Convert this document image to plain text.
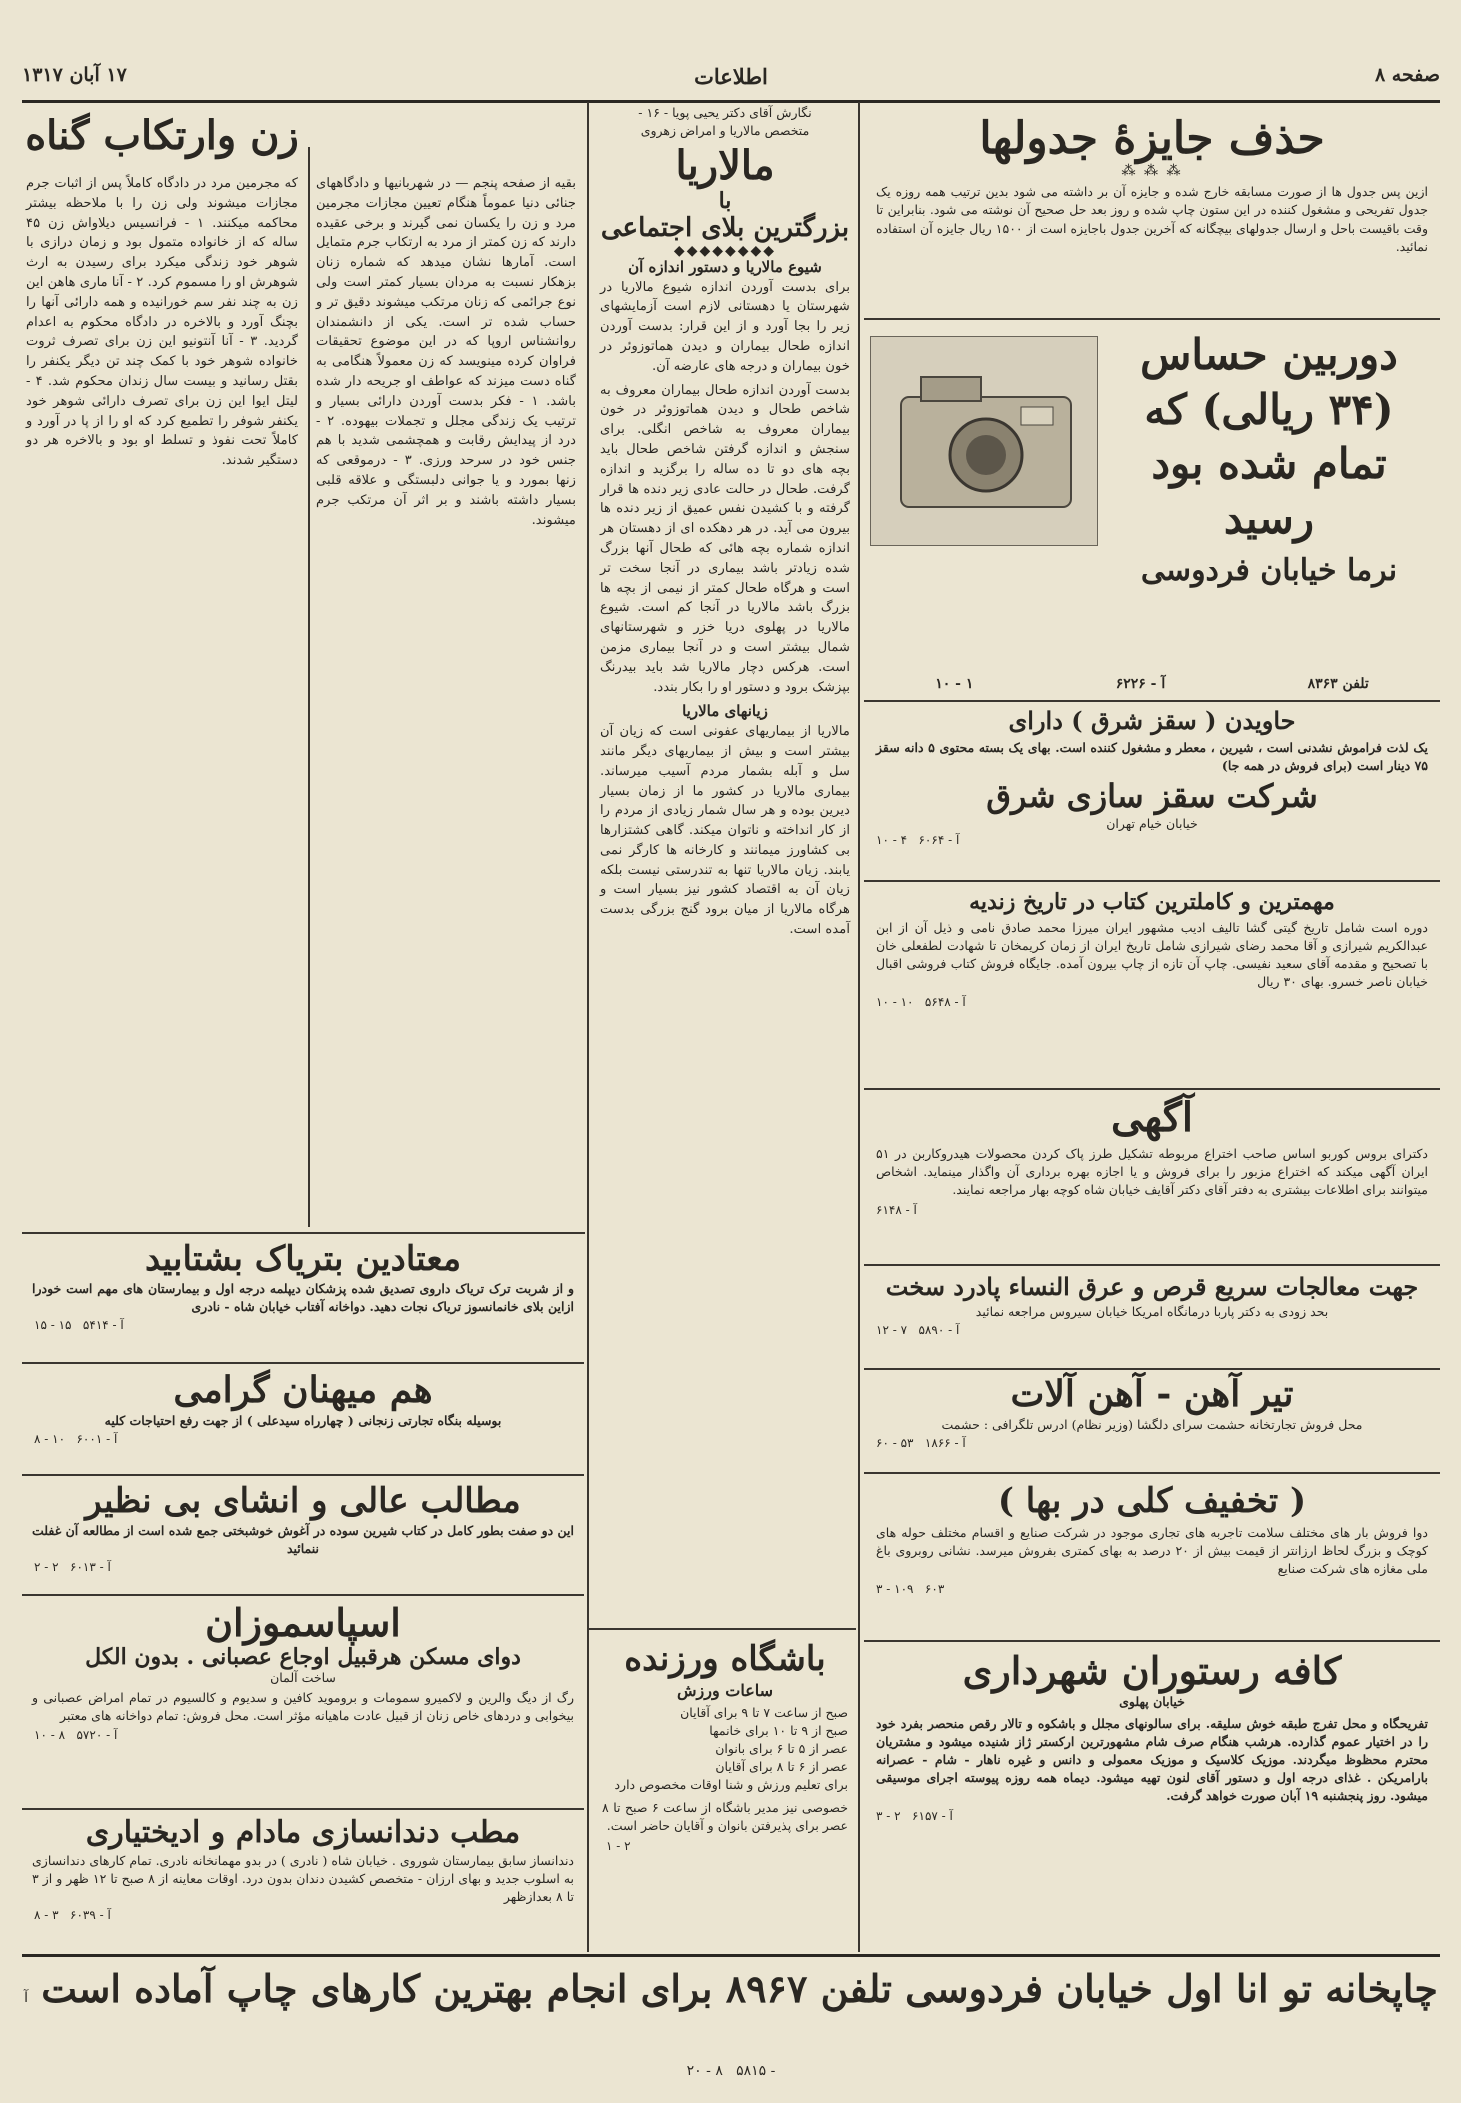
صفحه ۸
اطلاعات
۱۷ آبان ۱۳۱۷
حذف جایزهٔ جدولها
⁂ ⁂ ⁂
ازین پس جدول ها از صورت مسابقه خارج شده و جایزه آن بر داشته می شود بدین ترتیب همه روزه یک جدول تفریحی و مشغول کننده در این ستون چاپ شده و روز بعد حل صحیح آن نوشته می شود. بنابراین تا وقت باقیست باحل و ارسال جدولهای بیچگانه که آخرین جدول باجایزه است از ۱۵۰۰ ریال جایزه آن استفاده نمائید.
دوربین حساس (۳۴ ریالی) که تمام شده بود رسید
نرما خیابان فردوسی
تلفن ۸۳۶۳
آ - ۶۲۲۶
۱ - ۱۰
حاویدن ( سقز شرق ) دارای
یک لذت فراموش نشدنی است ، شیرین ، معطر و مشغول کننده است. بهای یک بسته محتوی ۵ دانه سقز ۷۵ دینار است (برای فروش در همه جا)
شرکت سقز سازی شرق
خیابان خیام تهران
آ - ۶۰۶۴   ۴ - ۱۰
مهمترین و کاملترین کتاب در تاریخ زندیه
دوره است شامل تاریخ گیتی گشا تالیف ادیب مشهور ایران میرزا محمد صادق نامی و ذیل آن از ابن عبدالکریم شیرازی و آقا محمد رضای شیرازی شامل تاریخ ایران از زمان کریمخان تا شهادت لطفعلی خان با تصحیح و مقدمه آقای سعید نفیسی. چاپ آن تازه از چاپ بیرون آمده. جایگاه فروش کتاب فروشی اقبال خیابان ناصر خسرو. بهای ۳۰ ریال
آ - ۵۶۴۸   ۱۰ - ۱۰
آگهی
دکترای بروس کوربو اساس صاحب اختراع مربوطه تشکیل طرز پاک کردن محصولات هیدروکاربن در ۵۱ ایران آگهی میکند که اختراع مزبور را برای فروش و یا اجازه بهره برداری آن واگذار مینماید. اشخاص میتوانند برای اطلاعات بیشتری به دفتر آقای دکتر آقایف خیابان شاه کوچه بهار مراجعه نمایند.
آ - ۶۱۴۸
جهت معالجات سریع قرص و عرق النساء پادرد سخت
بحد زودی به دکتر پاربا درمانگاه امریکا خیابان سیروس مراجعه نمائید
آ - ۵۸۹۰   ۷ - ۱۲
تیر آهن - آهن آلات
محل فروش تجارتخانه حشمت سرای دلگشا (وزیر نظام) ادرس تلگرافی : حشمت
آ - ۱۸۶۶   ۵۳ - ۶۰
( تخفیف کلی در بها )
دوا فروش بار هاى مختلف سلامت تاجربه هاى تجارى موجود در شرکت صنایع و اقسام مختلف حوله های کوچک و بزرگ لحاظ ارزانتر از قیمت بیش از ۲۰ درصد به بهای کمتری بفروش میرسد. نشانی روبروی باغ ملی مغازه های شرکت صنایع
۳ - ۱۰۹ ۶۰۳
کافه رستوران شهرداری
خیابان پهلوی
تفریحگاه و محل تفرج طبقه خوش سلیقه. برای سالونهای مجلل و باشکوه و تالار رقص منحصر بفرد خود را در اختیار عموم گذارده. هرشب هنگام صرف شام مشهورترین ارکستر ژاز شنیده میشود و مشتریان محترم محظوظ میگردند. موزیک کلاسیک و موزیک معمولی و دانس و غیره ناهار - شام - عصرانه بارامریکن . غذای درجه اول و دستور آقای لنون تهیه میشود. دیماه همه روزه پیوسته اجرای موسیقی میشود. روز پنجشنبه ۱۹ آبان صورت خواهد گرفت.
آ - ۶۱۵۷   ۲ - ۳
نگارش آقای دکتر یحیی پویا - ۱۶ -
متخصص مالاریا و امراض زهروی
مالاریا
با
بزرگترین بلای اجتماعی
◆◆◆◆◆◆◆◆
شیوع مالاریا و دستور اندازه آن
برای بدست آوردن اندازه شیوع مالاریا در شهرستان یا دهستانی لازم است آزمایشهای زیر را بجا آورد و از این قرار: بدست آوردن اندازه طحال بیماران و دیدن هماتوزوئر در خون بیماران و درجه های عارضه آن.
بدست آوردن اندازه طحال بیماران معروف به شاخص طحال و دیدن هماتوزوئر در خون بیماران معروف به شاخص انگلی. برای سنجش و اندازه گرفتن شاخص طحال باید بچه های دو تا ده ساله را برگزید و اندازه گرفت. طحال در حالت عادی زیر دنده ها قرار گرفته و با کشیدن نفس عمیق از زیر دنده ها بیرون می آید. در هر دهکده ای از دهستان هر اندازه شماره بچه هائی که طحال آنها بزرگ شده زیادتر باشد بیماری در آنجا سخت تر است و هرگاه طحال کمتر از نیمی از بچه ها بزرگ باشد مالاریا در آنجا کم است. شیوع مالاریا در پهلوی دریا خزر و شهرستانهای شمال بیشتر است و در آنجا بیماری مزمن است. هرکس دچار مالاریا شد باید بیدرنگ بپزشک برود و دستور او را بکار بندد.
زیانهای مالاریا
مالاریا از بیماریهای عفونی است که زیان آن بیشتر است و بیش از بیماریهای دیگر مانند سل و آبله بشمار مردم آسیب میرساند. بیماری مالاریا در کشور ما از زمان بسیار دیرین بوده و هر سال شمار زیادی از مردم را از کار انداخته و ناتوان میکند. گاهی کشتزارها بی کشاورز میمانند و کارخانه ها کارگر نمی یابند. زیان مالاریا تنها به تندرستی نیست بلکه زیان آن به اقتصاد کشور نیز بسیار است و هرگاه مالاریا از میان برود گنج بزرگی بدست آمده است.
باشگاه ورزنده
ساعات ورزش
صبح از ساعت ۷ تا ۹ برای آقایان
صبح از ۹ تا ۱۰ برای خانمها
عصر از ۵ تا ۶ برای بانوان
عصر از ۶ تا ۸ برای آقایان
برای تعلیم ورزش و شنا اوقات مخصوص دارد
خصوصی نیز مدیر باشگاه از ساعت ۶ صبح تا ۸ عصر برای پذیرفتن بانوان و آقایان حاضر است.
۱ - ۲
زن وارتکاب گناه
بقیه از صفحه پنجم — در شهربانیها و دادگاههای جنائی دنیا عموماً هنگام تعیین مجازات مجرمین مرد و زن را یکسان نمی گیرند و برخی عقیده دارند که زن کمتر از مرد به ارتکاب جرم متمایل است. آمارها نشان میدهد که شماره زنان بزهکار نسبت به مردان بسیار کمتر است ولی نوع جرائمی که زنان مرتکب میشوند دقیق تر و حساب شده تر است. یکی از دانشمندان روانشناس اروپا که در این موضوع تحقیقات فراوان کرده مینویسد که زن معمولاً هنگامی به گناه دست میزند که عواطف او جریحه دار شده باشد. ۱ - فکر بدست آوردن دارائی بسیار و ترتیب یک زندگی مجلل و تجملات بیهوده. ۲ - درد از پیدایش رقابت و همچشمی شدید با هم جنس خود در سرحد ورزی. ۳ - درموقعی که زنها بمورد و یا جوانی دلبستگی و علاقه قلبی بسیار داشته باشند و بر اثر آن مرتکب جرم میشوند.
که مجرمین مرد در دادگاه کاملاً پس از اثبات جرم مجازات میشوند ولی زن را با ملاحظه بیشتر محاکمه میکنند. ۱ - فرانسیس دیلاواش زن ۴۵ ساله که از خانواده متمول بود و زمان درازی با شوهر خود زندگی میکرد برای رسیدن به ارث شوهرش او را مسموم کرد. ۲ - آنا ماری هاهن این زن به چند نفر سم خورانیده و همه دارائی آنها را بچنگ آورد و بالاخره در دادگاه محکوم به اعدام گردید. ۳ - آنا آنتونیو این زن برای تصرف ثروت خانواده شوهر خود با کمک چند تن دیگر یکنفر را بقتل رسانید و بیست سال زندان محکوم شد. ۴ - لیتل ایوا این زن برای تصرف دارائی شوهر خود یکنفر شوفر را تطمیع کرد که او را از پا در آورد و کاملاً تحت نفوذ و تسلط او بود و بالاخره هر دو دستگیر شدند.
معتادین بتریاک بشتابید
و از شربت ترک تریاک داروی تصدیق شده پزشکان دیپلمه درجه اول و بیمارستان های مهم است خودرا ازاین بلای خانمانسوز تریاک نجات دهید. دواخانه آفتاب خیابان شاه - نادری
۱۵ - ۱۵ آ - ۵۴۱۴
هم میهنان گرامی
بوسیله بنگاه تجارتی زنجانی ( چهارراه سیدعلی ) از جهت رفع احتیاجات کلیه
۸ - ۱۰ آ - ۶۰۰۱
مطالب عالی و انشای بی نظیر
این دو صفت بطور کامل در کتاب شیرین سوده در آغوش خوشبختی جمع شده است از مطالعه آن غفلت ننمائید
۲ - ۲ آ - ۶۰۱۳
اسپاسموزان
دوای مسکن هرقبیل اوجاع عصبانی . بدون الکل
ساخت آلمان
رگ از دیگ والرین و لاکمیرو سمومات و بروموید کافین و سدیوم و کالسیوم در تمام امراض عصبانی و بیخوابی و دردهای خاص زنان از قبیل عادت ماهیانه مؤثر است. محل فروش: تمام دواخانه های معتبر
۱۰ - ۸ آ - ۵۷۲۰
مطب دندانسازی مادام و ادیختیاری
دندانساز سابق بیمارستان شوروی . خیابان شاه ( نادری ) در بدو مهمانخانه نادری. تمام کارهای دندانسازی به اسلوب جدید و بهای ارزان - متخصص کشیدن دندان بدون درد. اوقات معاینه از ۸ صبح تا ۱۲ ظهر و از ۳ تا ۸ بعدازظهر
۸ - ۳ آ - ۶۰۳۹
چاپخانه تو انا اول خیابان فردوسی تلفن ۸۹۶۷ برای انجام بهترین کارهای چاپ آماده است آ - ۵۸۱۵ ۸ - ۲۰
